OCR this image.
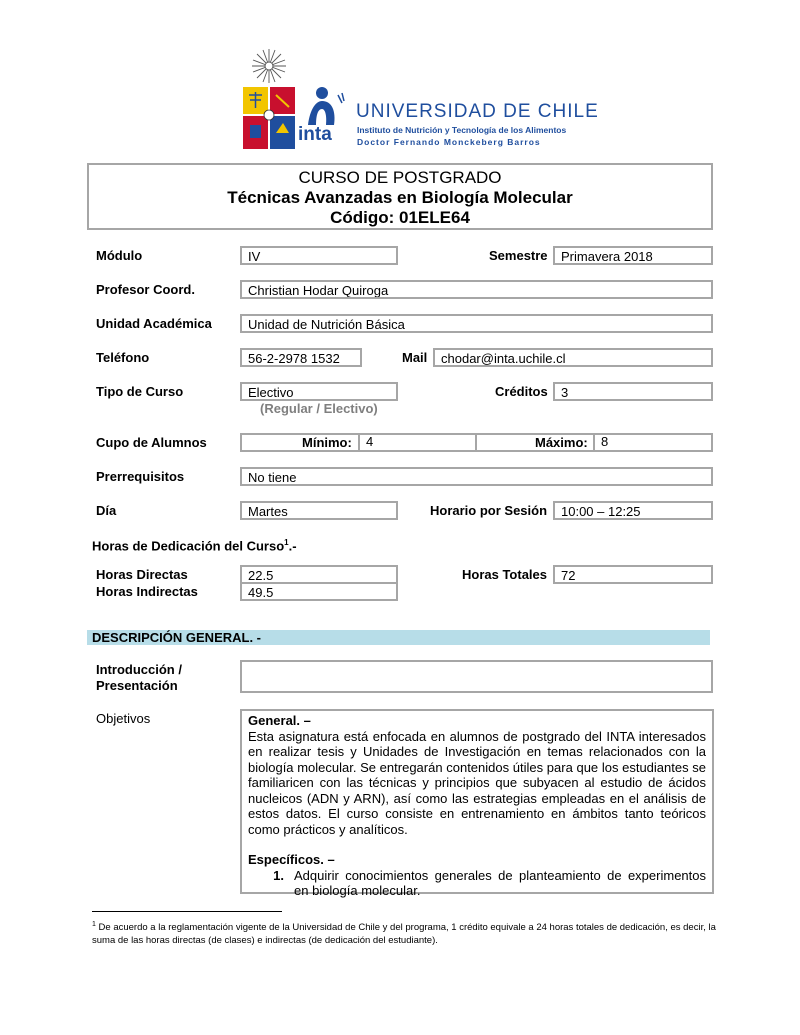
inta
UNIVERSIDAD DE CHILE
Instituto de Nutrición y Tecnología de los Alimentos
Doctor Fernando Monckeberg Barros
CURSO DE POSTGRADO
Técnicas Avanzadas en Biología Molecular
Código: 01ELE64
Módulo	IV	Semestre	Primavera 2018
Profesor Coord.	Christian Hodar Quiroga
Unidad Académica	Unidad de Nutrición Básica
Teléfono	56-2-2978 1532	Mail	chodar@inta.uchile.cl
Tipo de Curso	Electivo
(Regular / Electivo)
Créditos	3
Cupo de Alumnos	Mínimo:	4	Máximo:	8
Prerrequisitos	No tiene
Día	Martes	Horario por Sesión	10:00 – 12:25
Horas de Dedicación del Curso$^1$.-
Horas Directas	22.5
Horas Indirectas	49.5
Horas Totales	72
DESCRIPCIÓN GENERAL. -
Introducción /
Presentación
Objetivos	General. –
Esta asignatura está enfocada en alumnos de postgrado del INTA interesados en realizar tesis y Unidades de Investigación en temas relacionados con la biología molecular. Se entregarán contenidos útiles para que los estudiantes se familiaricen con las técnicas y principios que subyacen al estudio de ácidos nucleicos (ADN y ARN), así como las estrategias empleadas en el análisis de estos datos. El curso consiste en entrenamiento en ámbitos tanto teóricos como prácticos y analíticos.
Específicos. –
1. Adquirir conocimientos generales de planteamiento de experimentos en biología molecular.
$^1$ De acuerdo a la reglamentación vigente de la Universidad de Chile y del programa, 1 crédito equivale a 24 horas totales de dedicación, es decir, la suma de las horas directas (de clases) e indirectas (de dedicación del estudiante).
